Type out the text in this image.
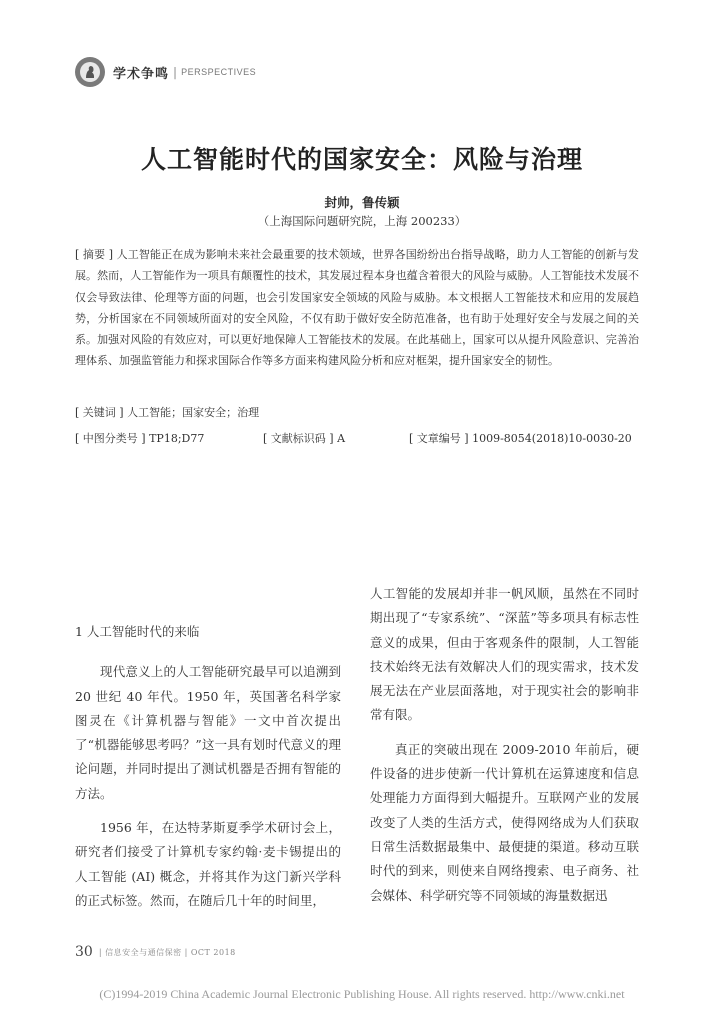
学术争鸣 | PERSPECTIVES
人工智能时代的国家安全：风险与治理
封帅，鲁传颖
（上海国际问题研究院，上海 200233）
[ 摘要 ] 人工智能正在成为影响未来社会最重要的技术领域，世界各国纷纷出台指导战略，助力人工智能的创新与发展。然而，人工智能作为一项具有颠覆性的技术，其发展过程本身也蕴含着很大的风险与威胁。人工智能技术发展不仅会导致法律、伦理等方面的问题，也会引发国家安全领域的风险与威胁。本文根据人工智能技术和应用的发展趋势，分析国家在不同领域所面对的安全风险，不仅有助于做好安全防范准备，也有助于处理好安全与发展之间的关系。加强对风险的有效应对，可以更好地保障人工智能技术的发展。在此基础上，国家可以从提升风险意识、完善治理体系、加强监管能力和探求国际合作等多方面来构建风险分析和应对框架，提升国家安全的韧性。
[ 关键词 ] 人工智能；国家安全；治理
[ 中图分类号 ] TP18;D77	[ 文献标识码 ] A	[ 文章编号 ] 1009-8054(2018)10-0030-20
1 人工智能时代的来临

现代意义上的人工智能研究最早可以追溯到 20 世纪 40 年代。1950 年，英国著名科学家图灵在《计算机器与智能》一文中首次提出了“机器能够思考吗？”这一具有划时代意义的理论问题，并同时提出了测试机器是否拥有智能的方法。

1956 年，在达特茅斯夏季学术研讨会上，研究者们接受了计算机专家约翰·麦卡锡提出的人工智能 (AI) 概念，并将其作为这门新兴学科的正式标签。然而，在随后几十年的时间里，

人工智能的发展却并非一帆风顺，虽然在不同时期出现了“专家系统”、“深蓝”等多项具有标志性意义的成果，但由于客观条件的限制，人工智能技术始终无法有效解决人们的现实需求，技术发展无法在产业层面落地，对于现实社会的影响非常有限。

真正的突破出现在 2009-2010 年前后，硬件设备的进步使新一代计算机在运算速度和信息处理能力方面得到大幅提升。互联网产业的发展改变了人类的生活方式，使得网络成为人们获取日常生活数据最集中、最便捷的渠道。移动互联时代的到来，则使来自网络搜索、电子商务、社会媒体、科学研究等不同领域的海量数据迅

30 | 信息安全与通信保密 | OCT 2018
(C)1994-2019 China Academic Journal Electronic Publishing House. All rights reserved. http://www.cnki.net
